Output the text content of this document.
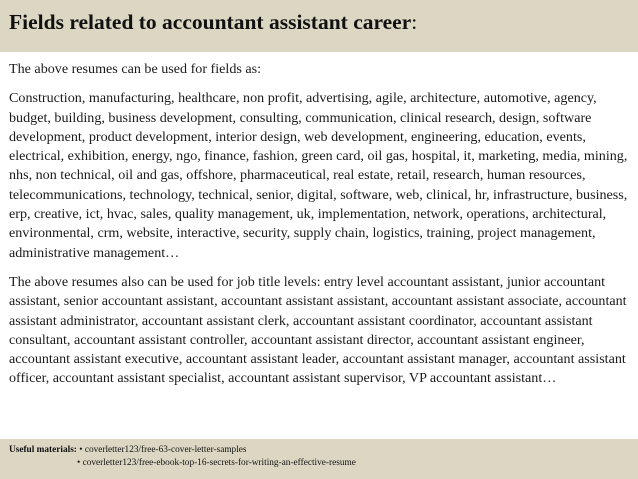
Fields related to accountant assistant career:

The above resumes can be used for fields as:

Construction, manufacturing, healthcare, non profit, advertising, agile, architecture, automotive, agency, budget, building, business development, consulting, communication, clinical research, design, software development, product development, interior design, web development, engineering, education, events, electrical, exhibition, energy, ngo, finance, fashion, green card, oil gas, hospital, it, marketing, media, mining, nhs, non technical, oil and gas, offshore, pharmaceutical, real estate, retail, research, human resources, telecommunications, technology, technical, senior, digital, software, web, clinical, hr, infrastructure, business, erp, creative, ict, hvac, sales, quality management, uk, implementation, network, operations, architectural, environmental, crm, website, interactive, security, supply chain, logistics, training, project management, administrative management…

The above resumes also can be used for job title levels: entry level accountant assistant, junior accountant assistant, senior accountant assistant, accountant assistant assistant, accountant assistant associate, accountant assistant administrator, accountant assistant clerk, accountant assistant coordinator, accountant assistant consultant, accountant assistant controller, accountant assistant director, accountant assistant engineer, accountant assistant executive, accountant assistant leader, accountant assistant manager, accountant assistant officer, accountant assistant specialist, accountant assistant supervisor, VP accountant assistant…

Useful materials: • coverletter123/free-63-cover-letter-samples
• coverletter123/free-ebook-top-16-secrets-for-writing-an-effective-resume
